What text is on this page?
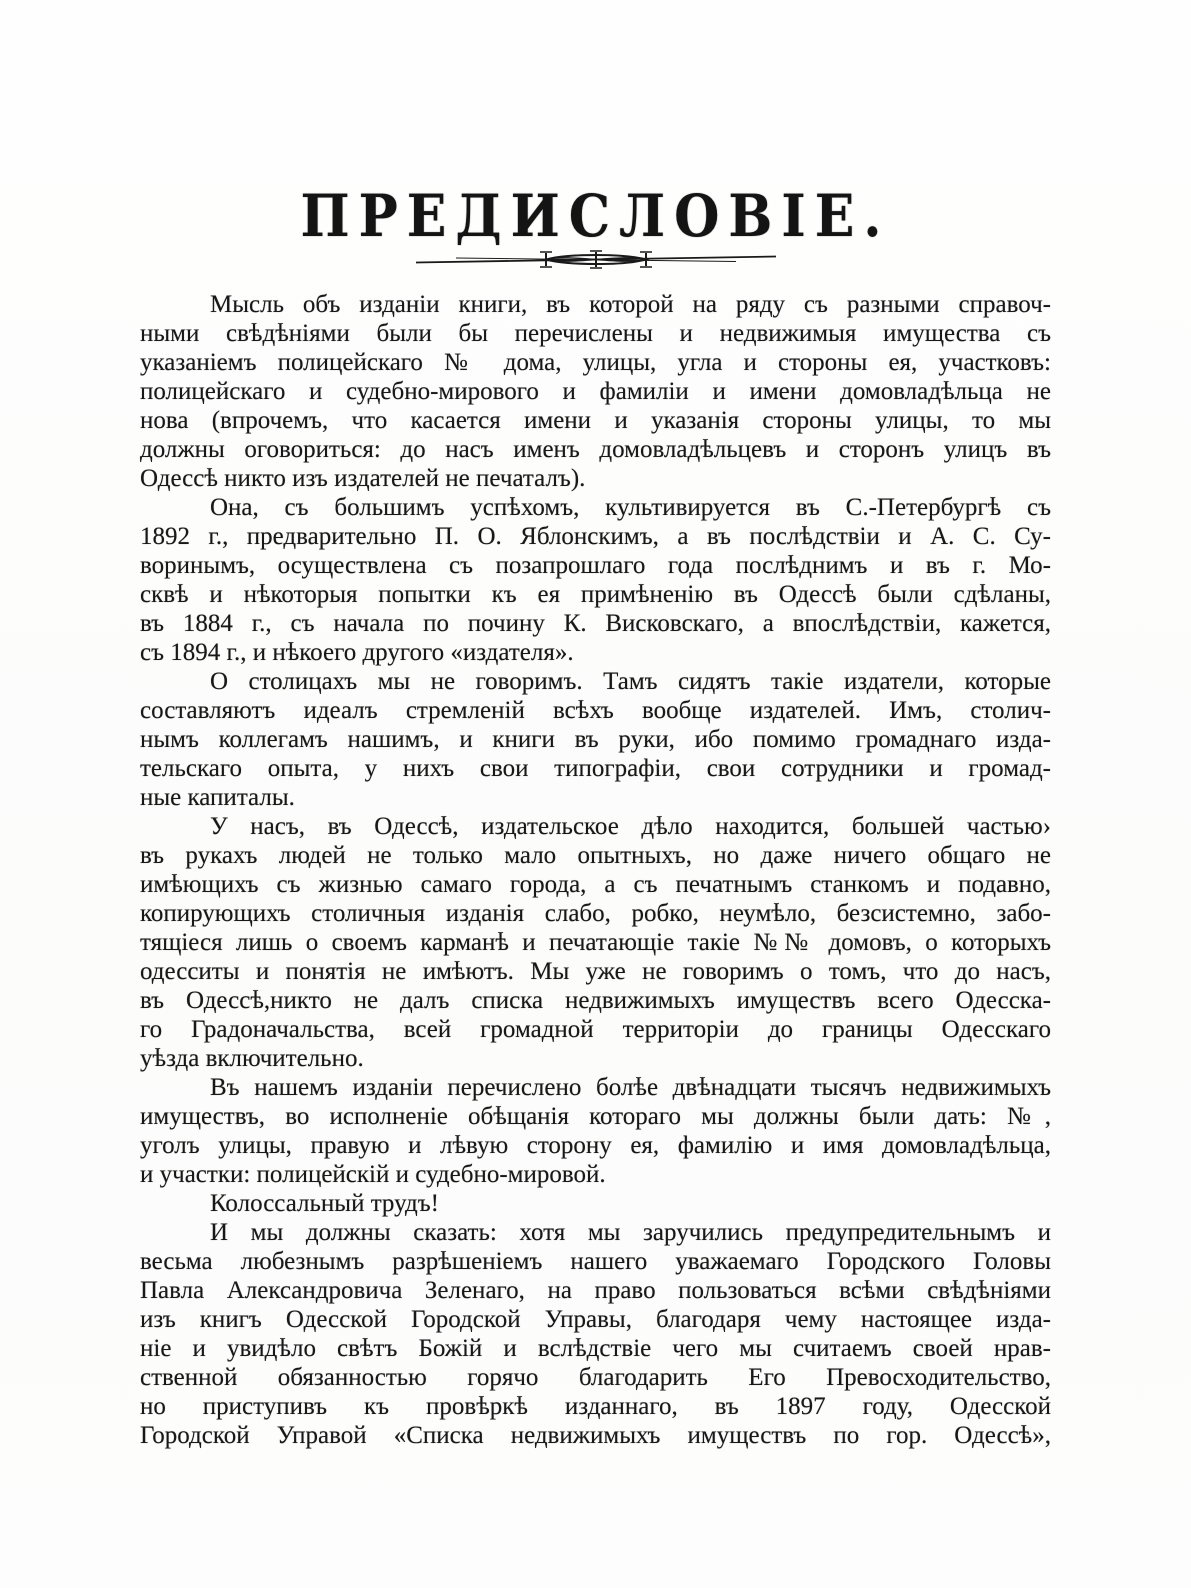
ПРЕДИСЛОВІЕ.
Мысль объ изданіи книги, въ которой на ряду съ разными справоч-
ными свѣдѣніями были бы перечислены и недвижимыя имущества съ
указаніемъ полицейскаго № дома, улицы, угла и стороны ея, участковъ:
полицейскаго и судебно-мирового и фамиліи и имени домовладѣльца не
нова (впрочемъ, что касается имени и указанія стороны улицы, то мы
должны оговориться: до насъ именъ домовладѣльцевъ и сторонъ улицъ въ
Одессѣ никто изъ издателей не печаталъ).
Она, съ большимъ успѣхомъ, культивируется въ С.-Петербургѣ съ
1892 г., предварительно П. О. Яблонскимъ, а въ послѣдствіи и А. С. Су-
воринымъ, осуществлена съ позапрошлаго года послѣднимъ и въ г. Мо-
сквѣ и нѣкоторыя попытки къ ея примѣненію въ Одессѣ были сдѣланы,
въ 1884 г., съ начала по почину К. Висковскаго, а впослѣдствіи, кажется,
съ 1894 г., и нѣкоего другого «издателя».
О столицахъ мы не говоримъ. Тамъ сидятъ такіе издатели, которые
составляютъ идеалъ стремленій всѣхъ вообще издателей. Имъ, столич-
нымъ коллегамъ нашимъ, и книги въ руки, ибо помимо громаднаго изда-
тельскаго опыта, у нихъ свои типографіи, свои сотрудники и громад-
ные капиталы.
У насъ, въ Одессѣ, издательское дѣло находится, большей частью›
въ рукахъ людей не только мало опытныхъ, но даже ничего общаго не
имѣющихъ съ жизнью самаго города, а съ печатнымъ станкомъ и подавно,
копирующихъ столичныя изданія слабо, робко, неумѣло, безсистемно, забо-
тящіеся лишь о своемъ карманѣ и печатающіе такіе №№ домовъ, о которыхъ
одесситы и понятія не имѣютъ. Мы уже не говоримъ о томъ, что до насъ,
въ Одессѣ,никто не далъ списка недвижимыхъ имуществъ всего Одесска-
го Градоначальства, всей громадной территоріи до границы Одесскаго
уѣзда включительно.
Въ нашемъ изданіи перечислено болѣе двѣнадцати тысячъ недвижимыхъ
имуществъ, во исполненіе обѣщанія котораго мы должны были дать: №,
уголъ улицы, правую и лѣвую сторону ея, фамилію и имя домовладѣльца,
и участки: полицейскій и судебно-мировой.
Колоссальный трудъ!
И мы должны сказать: хотя мы заручились предупредительнымъ и
весьма любезнымъ разрѣшеніемъ нашего уважаемаго Городского Головы
Павла Александровича Зеленаго, на право пользоваться всѣми свѣдѣніями
изъ книгъ Одесской Городской Управы, благодаря чему настоящее изда-
ніе и увидѣло свѣтъ Божій и вслѣдствіе чего мы считаемъ своей нрав-
ственной обязанностью горячо благодарить Его Превосходительство,
но приступивъ къ провѣркѣ изданнаго, въ 1897 году, Одесской
Городской Управой «Списка недвижимыхъ имуществъ по гор. Одессѣ»,
